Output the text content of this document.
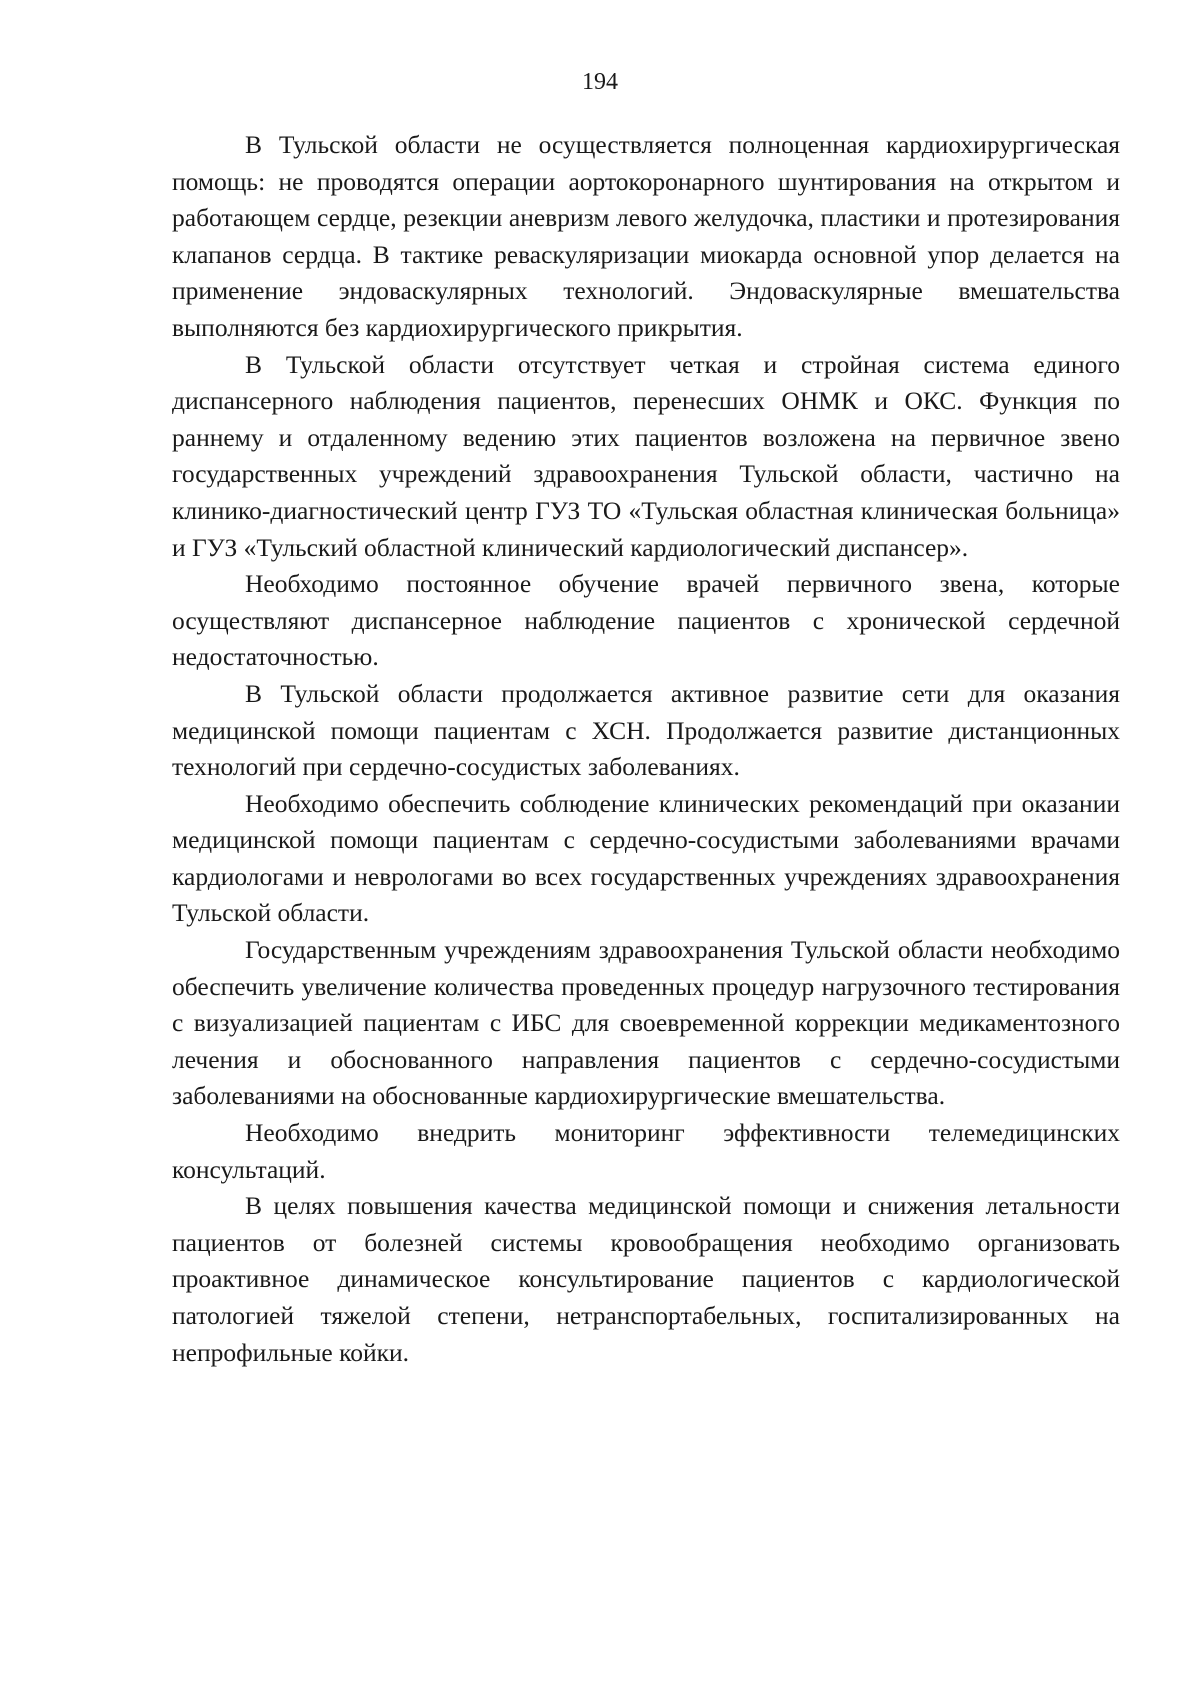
194

В Тульской области не осуществляется полноценная кардиохирургическая помощь: не проводятся операции аортокоронарного шунтирования на открытом и работающем сердце, резекции аневризм левого желудочка, пластики и протезирования клапанов сердца. В тактике реваскуляризации миокарда основной упор делается на применение эндоваскулярных технологий. Эндоваскулярные вмешательства выполняются без кардиохирургического прикрытия.

В Тульской области отсутствует четкая и стройная система единого диспансерного наблюдения пациентов, перенесших ОНМК и ОКС. Функция по раннему и отдаленному ведению этих пациентов возложена на первичное звено государственных учреждений здравоохранения Тульской области, частично на клинико-диагностический центр ГУЗ ТО «Тульская областная клиническая больница» и ГУЗ «Тульский областной клинический кардиологический диспансер».

Необходимо постоянное обучение врачей первичного звена, которые осуществляют диспансерное наблюдение пациентов с хронической сердечной недостаточностью.

В Тульской области продолжается активное развитие сети для оказания медицинской помощи пациентам с ХСН. Продолжается развитие дистанционных технологий при сердечно-сосудистых заболеваниях.

Необходимо обеспечить соблюдение клинических рекомендаций при оказании медицинской помощи пациентам с сердечно-сосудистыми заболеваниями врачами кардиологами и неврологами во всех государственных учреждениях здравоохранения Тульской области.

Государственным учреждениям здравоохранения Тульской области необходимо обеспечить увеличение количества проведенных процедур нагрузочного тестирования с визуализацией пациентам с ИБС для своевременной коррекции медикаментозного лечения и обоснованного направления пациентов с сердечно-сосудистыми заболеваниями на обоснованные кардиохирургические вмешательства.

Необходимо внедрить мониторинг эффективности телемедицинских консультаций.

В целях повышения качества медицинской помощи и снижения летальности пациентов от болезней системы кровообращения необходимо организовать проактивное динамическое консультирование пациентов с кардиологической патологией тяжелой степени, нетранспортабельных, госпитализированных на непрофильные койки.
